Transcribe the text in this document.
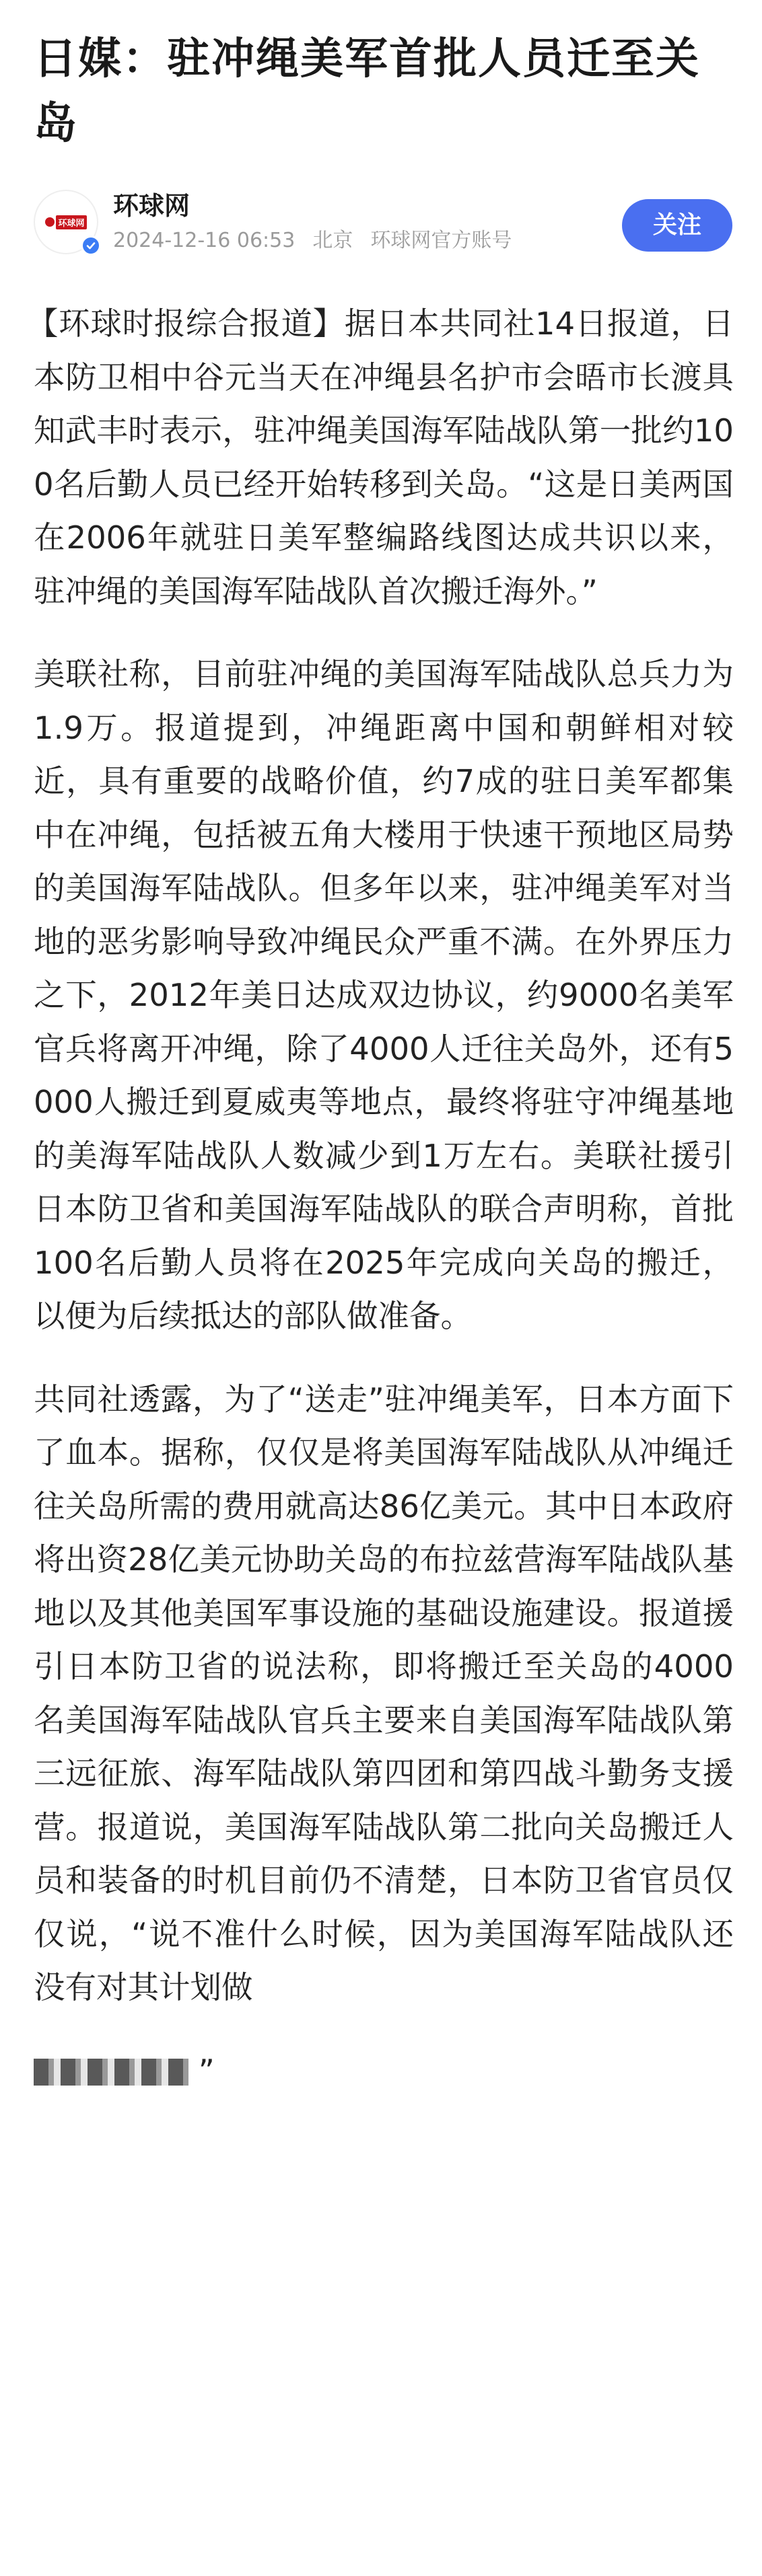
日媒：驻冲绳美军首批人员迁至关岛
环球网
环球网
2024-12-16 06:53 北京 环球网官方账号
关注

【环球时报综合报道】据日本共同社14日报道，日本防卫相中谷元当天在冲绳县名护市会晤市长渡具知武丰时表示，驻冲绳美国海军陆战队第一批约100名后勤人员已经开始转移到关岛。“这是日美两国在2006年就驻日美军整编路线图达成共识以来，驻冲绳的美国海军陆战队首次搬迁海外。”

美联社称，目前驻冲绳的美国海军陆战队总兵力为1.9万。报道提到，冲绳距离中国和朝鲜相对较近，具有重要的战略价值，约7成的驻日美军都集中在冲绳，包括被五角大楼用于快速干预地区局势的美国海军陆战队。但多年以来，驻冲绳美军对当地的恶劣影响导致冲绳民众严重不满。在外界压力之下，2012年美日达成双边协议，约9000名美军官兵将离开冲绳，除了4000人迁往关岛外，还有5000人搬迁到夏威夷等地点，最终将驻守冲绳基地的美海军陆战队人数减少到1万左右。美联社援引日本防卫省和美国海军陆战队的联合声明称，首批100名后勤人员将在2025年完成向关岛的搬迁，以便为后续抵达的部队做准备。

共同社透露，为了“送走”驻冲绳美军，日本方面下了血本。据称，仅仅是将美国海军陆战队从冲绳迁往关岛所需的费用就高达86亿美元。其中日本政府将出资28亿美元协助关岛的布拉兹营海军陆战队基地以及其他美国军事设施的基础设施建设。报道援引日本防卫省的说法称，即将搬迁至关岛的4000名美国海军陆战队官兵主要来自美国海军陆战队第三远征旅、海军陆战队第四团和第四战斗勤务支援营。报道说，美国海军陆战队第二批向关岛搬迁人员和装备的时机目前仍不清楚，日本防卫省官员仅仅说，“说不准什么时候，因为美国海军陆战队还没有对其计划做

”
